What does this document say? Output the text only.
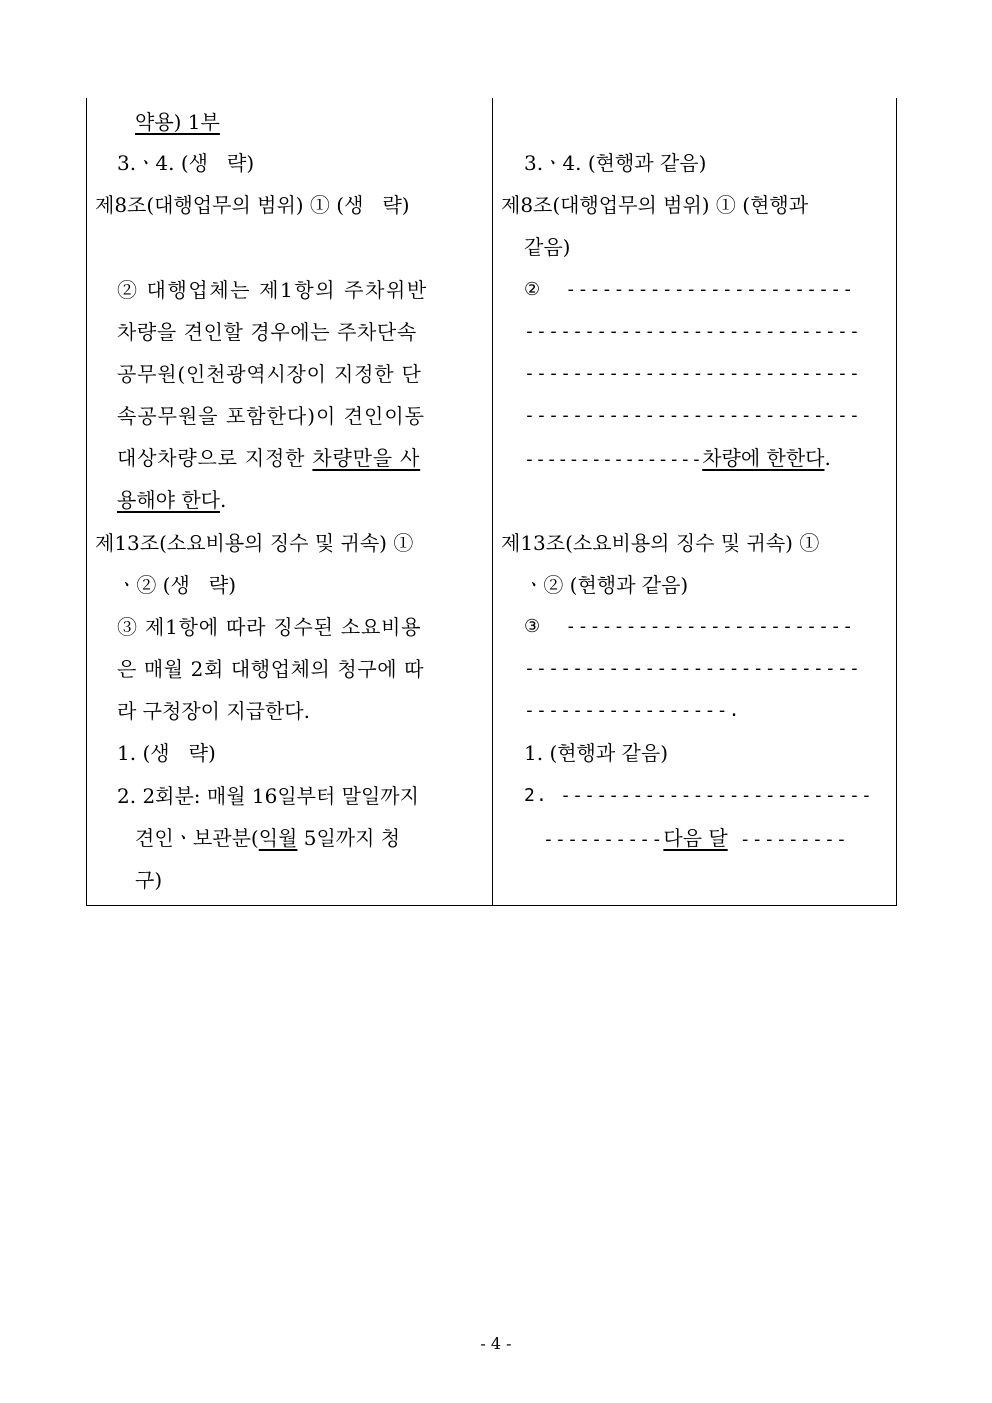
약용) 1부
3.ㆍ4. (생   략)
제8조(대행업무의 범위) ① (생   략)
② 대행업체는 제1항의 주차위반
차량을 견인할 경우에는 주차단속
공무원(인천광역시장이 지정한 단
속공무원을 포함한다)이 견인이동
대상차량으로 지정한 차량만을 사
용해야 한다.
제13조(소요비용의 징수 및 귀속) ①
ㆍ② (생   략)
③ 제1항에 따라 징수된 소요비용
은 매월 2회 대행업체의 청구에 따
라 구청장이 지급한다.
1. (생   략)
2. 2회분: 매월 16일부터 말일까지
견인ㆍ보관분(익월 5일까지 청
구)
3.ㆍ4. (현행과 같음)
제8조(대행업무의 범위) ① (현행과
같음)
②  ------------------------
----------------------------
----------------------------
----------------------------
----------------차량에 한한다.
제13조(소요비용의 징수 및 귀속) ①
ㆍ② (현행과 같음)
③  ------------------------
----------------------------
-----------------.
1. (현행과 같음)
2. --------------------------
----------다음 달 ---------
- 4 -
